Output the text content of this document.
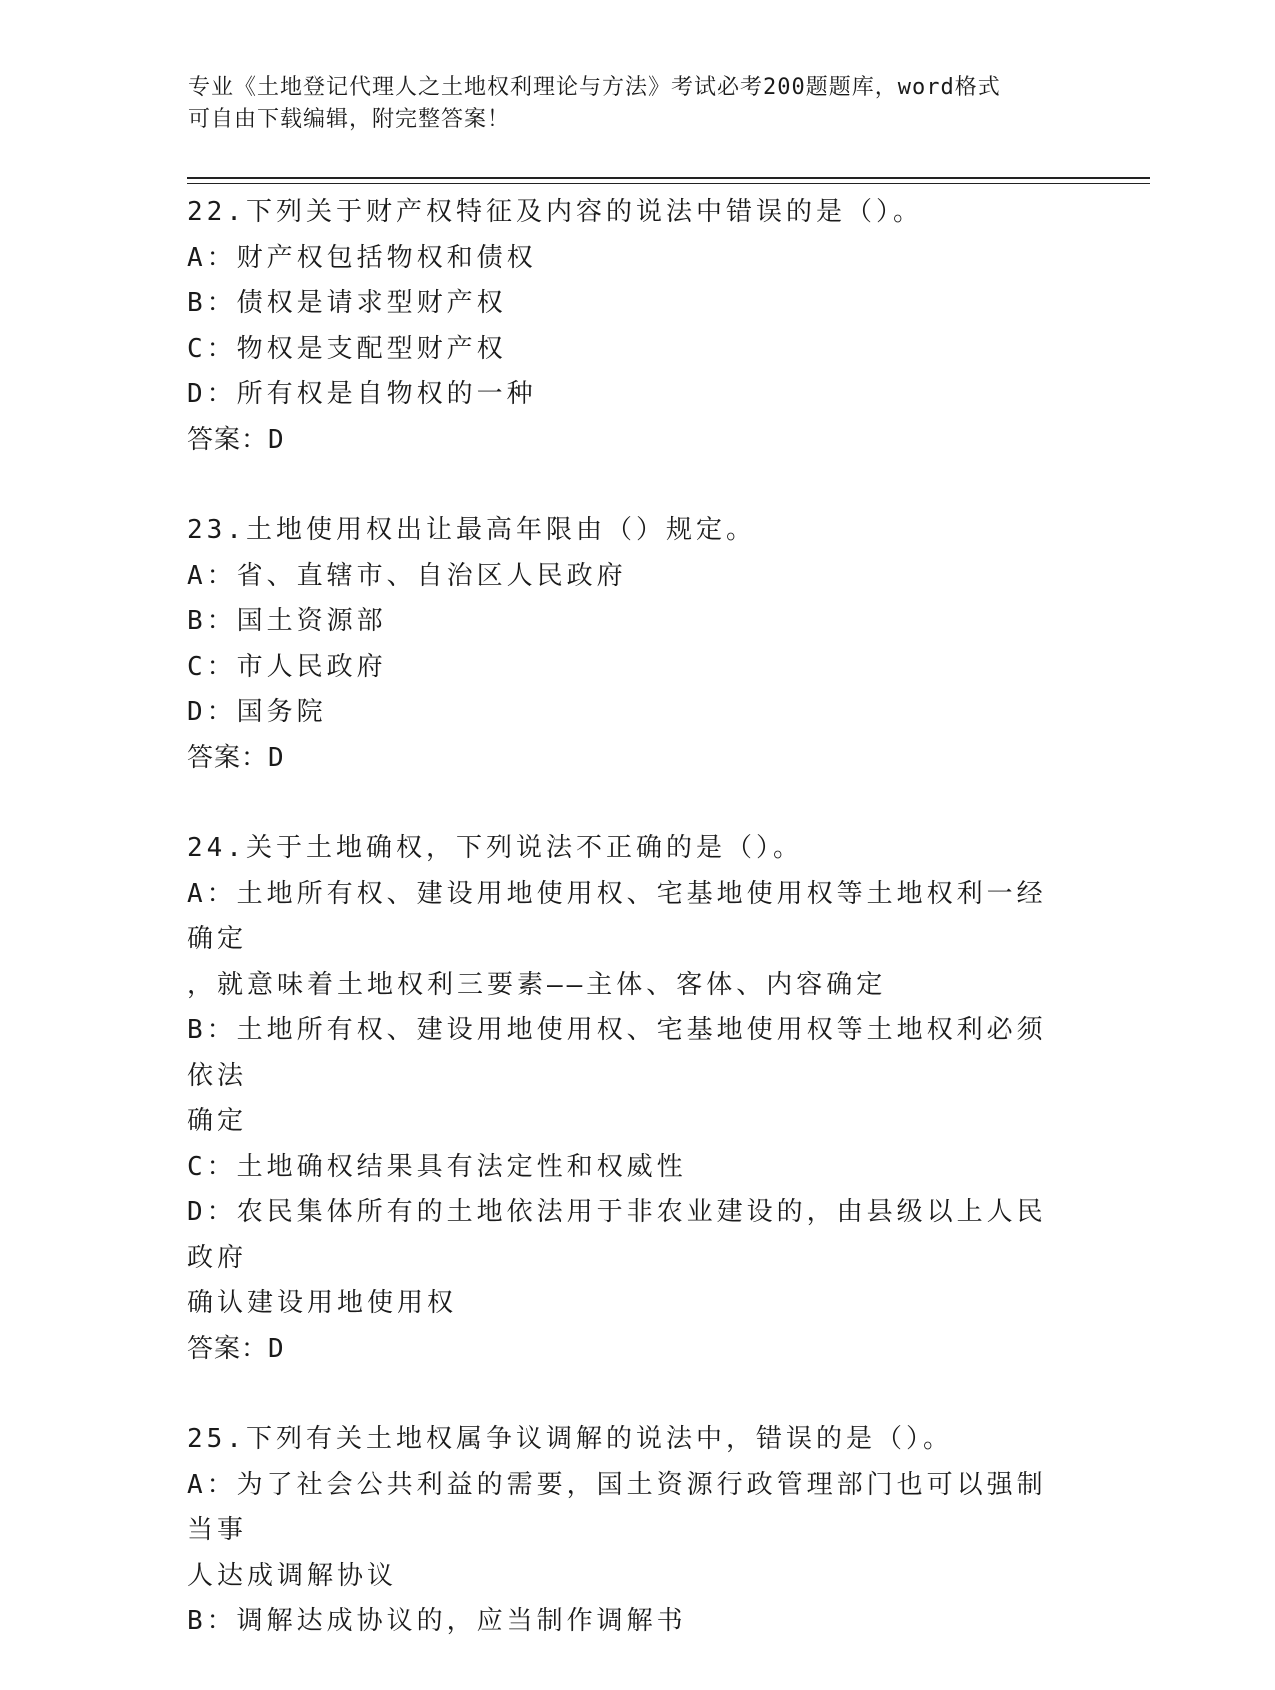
专业《土地登记代理人之土地权利理论与方法》考试必考200题题库，word格式
可自由下载编辑，附完整答案！
22.下列关于财产权特征及内容的说法中错误的是（）。
A：财产权包括物权和债权
B：债权是请求型财产权
C：物权是支配型财产权
D：所有权是自物权的一种
答案：D
23.土地使用权出让最高年限由（）规定。
A：省、直辖市、自治区人民政府
B：国土资源部
C：市人民政府
D：国务院
答案：D
24.关于土地确权，下列说法不正确的是（）。
A：土地所有权、建设用地使用权、宅基地使用权等土地权利一经确定
，就意味着土地权利三要素——主体、客体、内容确定
B：土地所有权、建设用地使用权、宅基地使用权等土地权利必须依法
确定
C：土地确权结果具有法定性和权威性
D：农民集体所有的土地依法用于非农业建设的，由县级以上人民政府
确认建设用地使用权
答案：D
25.下列有关土地权属争议调解的说法中，错误的是（）。
A：为了社会公共利益的需要，国土资源行政管理部门也可以强制当事
人达成调解协议
B：调解达成协议的，应当制作调解书
